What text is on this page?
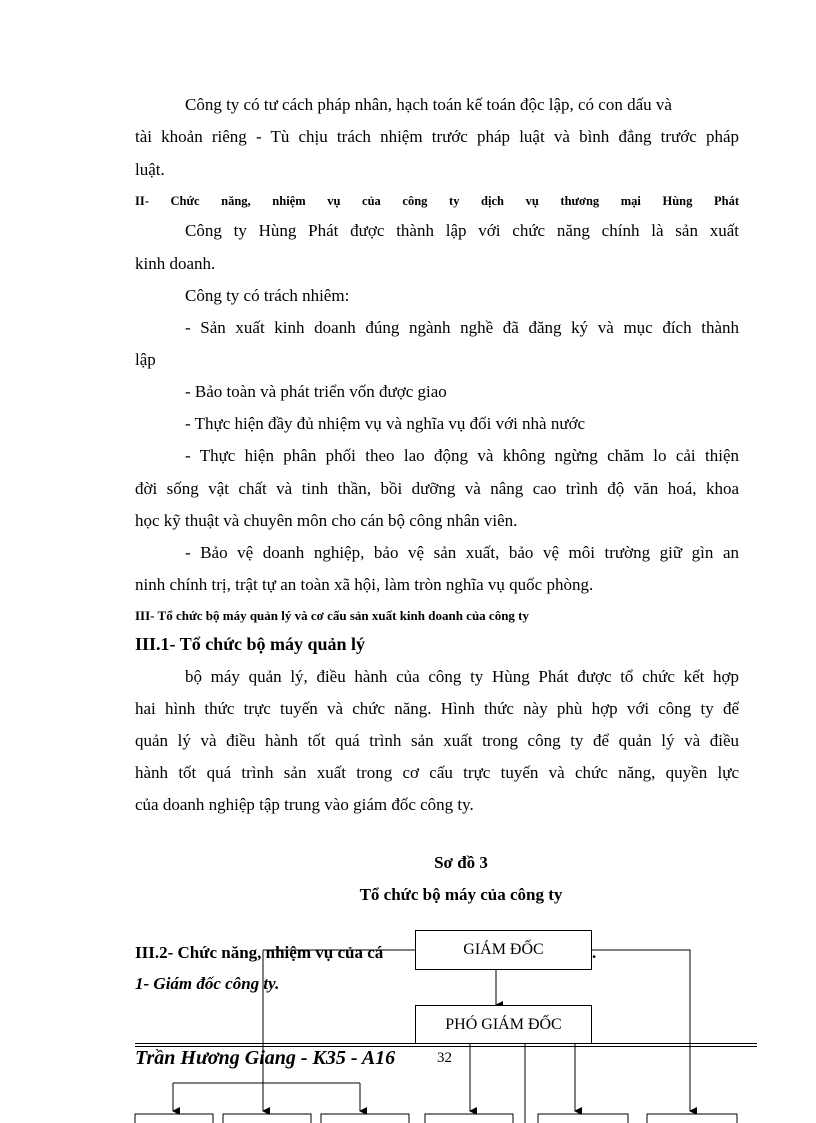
Công ty có tư cách pháp nhân, hạch toán kế toán độc lập, có con dấu và
tài khoản riêng - Tù chịu trách nhiệm trước pháp luật và bình đẳng trước pháp
luật.
II- Chức năng, nhiệm vụ của công ty dịch vụ thương mại Hùng Phát
Công ty Hùng Phát được thành lập với chức năng chính là sản xuất
kinh doanh.
Công ty có trách nhiêm:
- Sản xuất kinh doanh đúng ngành nghề đã đăng ký và mục đích thành
lập
- Bảo toàn và phát triển vốn được giao
- Thực hiện đầy đủ nhiệm vụ và nghĩa vụ đối với nhà nước
- Thực hiện phân phối theo lao động và không ngừng chăm lo cải thiện
đời sống vật chất và tinh thần, bồi dưỡng và nâng cao trình độ văn hoá, khoa
học kỹ thuật và chuyên môn cho cán bộ công nhân viên.
- Bảo vệ doanh nghiệp, bảo vệ sản xuất, bảo vệ môi trường giữ gìn an
ninh chính trị, trật tự an toàn xã hội, làm tròn nghĩa vụ quốc phòng.
III- Tổ chức bộ máy quản lý và cơ cấu sản xuất kinh doanh của công ty
III.1- Tổ chức bộ máy quản lý
bộ máy quản lý, điều hành của công ty Hùng Phát được tổ chức kết hợp
hai hình thức trực tuyến và chức năng. Hình thức này phù hợp với công ty để
quản lý và điều hành tốt quá trình sản xuất trong công ty để quản lý và điều
hành tốt quá trình sản xuất trong cơ cấu trực tuyến và chức năng, quyền lực
của doanh nghiệp tập trung vào giám đốc công ty.
Sơ đồ 3
Tổ chức bộ máy của công ty
III.2- Chức năng, nhiệm vụ của cá	.
1- Giám đốc công ty.
Trần Hương Giang - K35 - A16	32
GIÁM ĐỐC
PHÓ GIÁM ĐỐC
